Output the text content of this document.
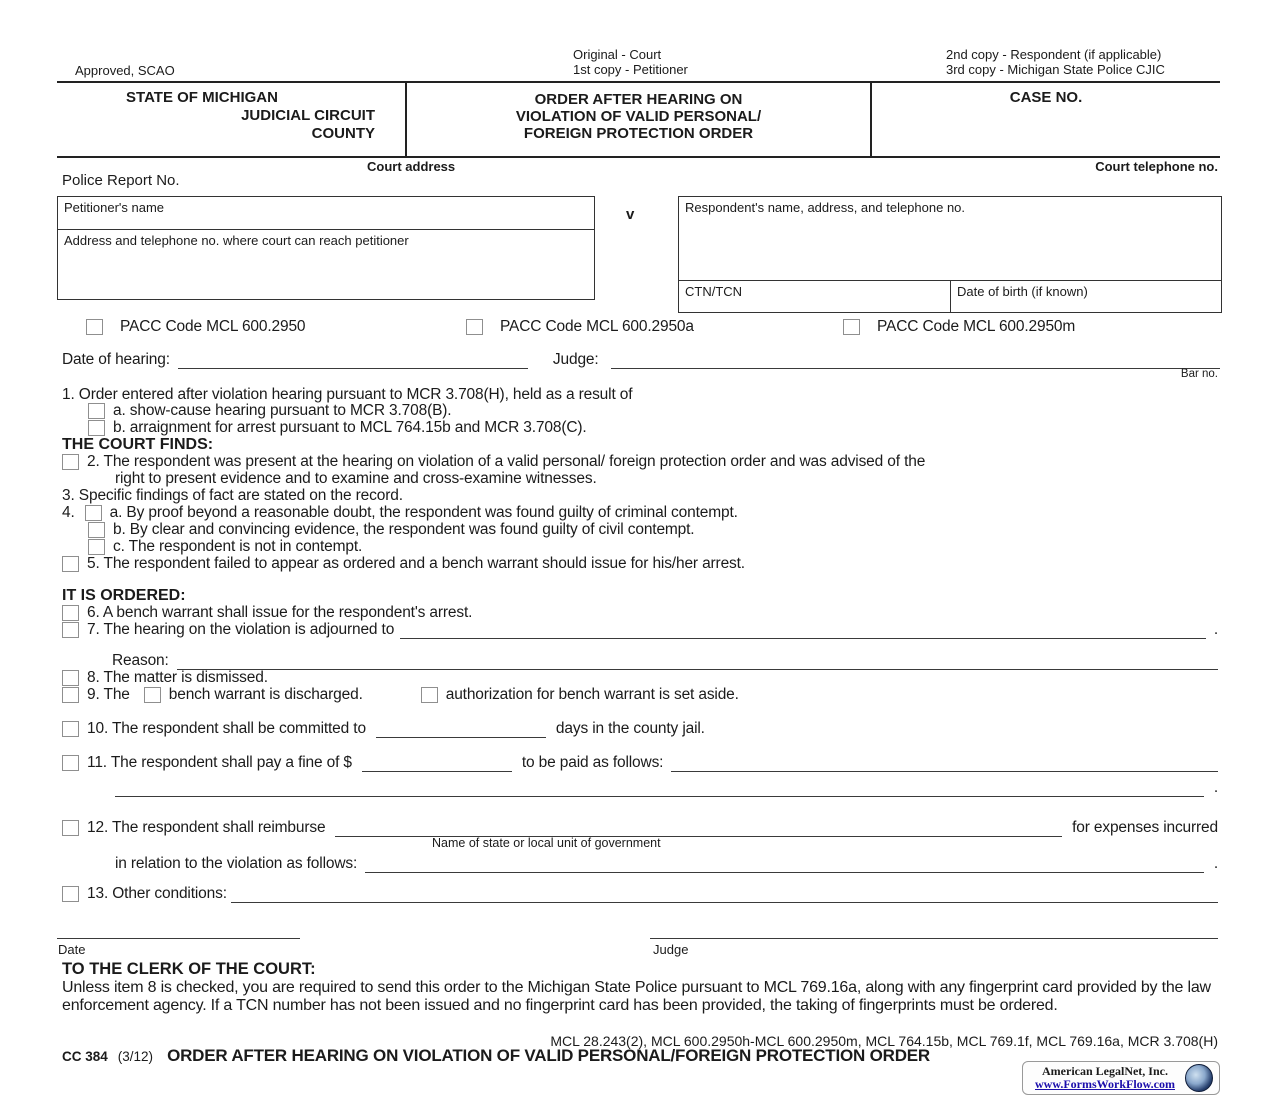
Approved, SCAO
Original - Court
1st copy - Petitioner
2nd copy - Respondent (if applicable)
3rd copy - Michigan State Police CJIC
STATE OF MICHIGAN
JUDICIAL CIRCUIT
COUNTY
ORDER AFTER HEARING ON
VIOLATION OF VALID PERSONAL/
FOREIGN PROTECTION ORDER
CASE NO.
Court address	Court telephone no.
Police Report No.
Petitioner's name
Address and telephone no. where court can reach petitioner
v	Respondent's name, address, and telephone no.
CTN/TCN	Date of birth (if known)
PACC Code MCL 600.2950	PACC Code MCL 600.2950a	PACC Code MCL 600.2950m
Date of hearing:	Judge:
Bar no.
1. Order entered after violation hearing pursuant to MCR 3.708(H), held as a result of
a. show-cause hearing pursuant to MCR 3.708(B).
b. arraignment for arrest pursuant to MCL 764.15b and MCR 3.708(C).
THE COURT FINDS:
2. The respondent was present at the hearing on violation of a valid personal/ foreign protection order and was advised of the
right to present evidence and to examine and cross-examine witnesses.
3. Specific findings of fact are stated on the record.
4. a. By proof beyond a reasonable doubt, the respondent was found guilty of criminal contempt.
b. By clear and convincing evidence, the respondent was found guilty of civil contempt.
c. The respondent is not in contempt.
5. The respondent failed to appear as ordered and a bench warrant should issue for his/her arrest.
IT IS ORDERED:
6. A bench warrant shall issue for the respondent's arrest.
7. The hearing on the violation is adjourned to	.
Reason:
8. The matter is dismissed.
9. The	bench warrant is discharged.	authorization for bench warrant is set aside.
10. The respondent shall be committed to	days in the county jail.
11. The respondent shall pay a fine of $	to be paid as follows:
.
12. The respondent shall reimburse	for expenses incurred
Name of state or local unit of government
in relation to the violation as follows:	.
13. Other conditions:
Date	Judge
TO THE CLERK OF THE COURT:
Unless item 8 is checked, you are required to send this order to the Michigan State Police pursuant to MCL 769.16a, along with any fingerprint card provided by the law enforcement agency. If a TCN number has not been issued and no fingerprint card has been provided, the taking of fingerprints must be ordered.
MCL 28.243(2), MCL 600.2950h-MCL 600.2950m, MCL 764.15b, MCL 769.1f, MCL 769.16a, MCR 3.708(H)
CC 384 (3/12) ORDER AFTER HEARING ON VIOLATION OF VALID PERSONAL/FOREIGN PROTECTION ORDER
American LegalNet, Inc.
www.FormsWorkFlow.com
